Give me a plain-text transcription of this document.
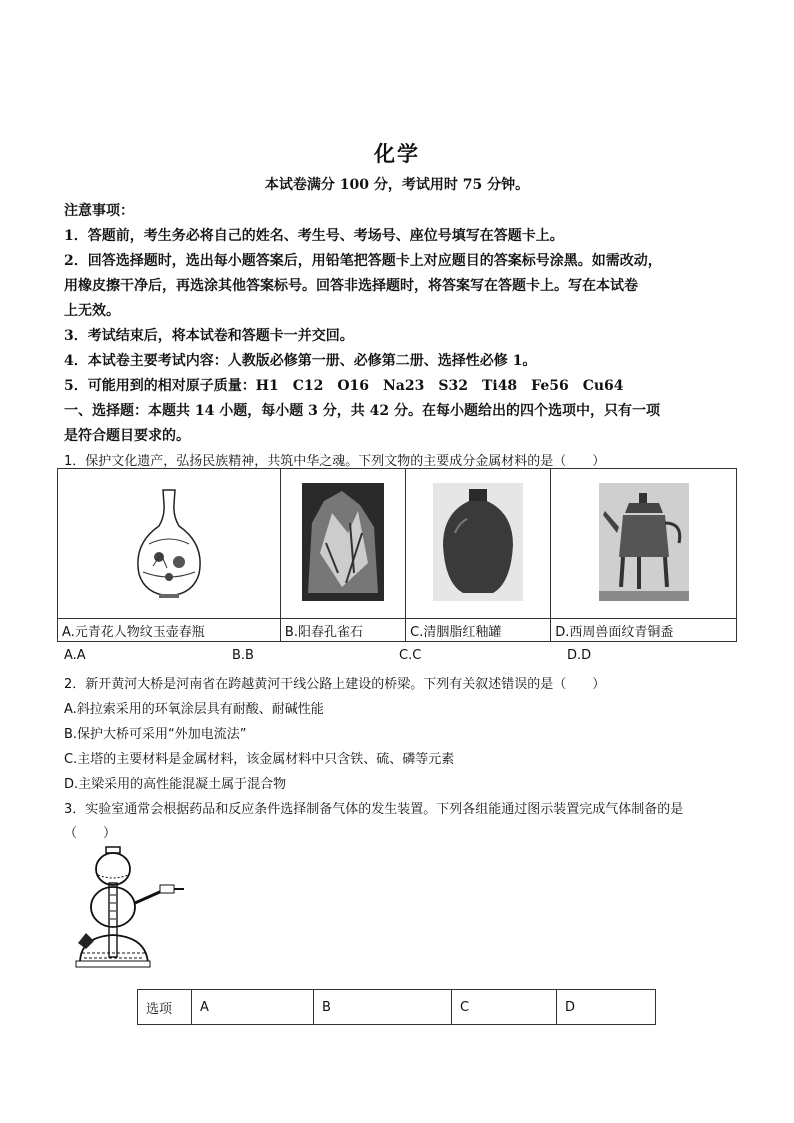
化学
本试卷满分 100 分，考试用时 75 分钟。
注意事项：
1．答题前，考生务必将自己的姓名、考生号、考场号、座位号填写在答题卡上。
2．回答选择题时，选出每小题答案后，用铅笔把答题卡上对应题目的答案标号涂黑。如需改动，
用橡皮擦干净后，再选涂其他答案标号。回答非选择题时，将答案写在答题卡上。写在本试卷
上无效。
3．考试结束后，将本试卷和答题卡一并交回。
4．本试卷主要考试内容：人教版必修第一册、必修第二册、选择性必修 1。
5．可能用到的相对原子质量：H1　C12　O16　Na23　S32　Ti48　Fe56　Cu64
一、选择题：本题共 14 小题，每小题 3 分，共 42 分。在每小题给出的四个选项中，只有一项
是符合题目要求的。
1．保护文化遗产，弘扬民族精神，共筑中华之魂。下列文物的主要成分金属材料的是（　　）

A.元青花人物纹玉壶春瓶	B.阳春孔雀石	C.清胭脂红釉罐	D.西周兽面纹青铜盉
A.A	B.B	C.C	D.D
2．新开黄河大桥是河南省在跨越黄河干线公路上建设的桥梁。下列有关叙述错误的是（　　）
A.斜拉索采用的环氧涂层具有耐酸、耐碱性能
B.保护大桥可采用“外加电流法”
C.主塔的主要材料是金属材料，该金属材料中只含铁、硫、磷等元素
D.主梁采用的高性能混凝土属于混合物
3．实验室通常会根据药品和反应条件选择制备气体的发生装置。下列各组能通过图示装置完成气体制备的是
（　　）
选项	A	B	C	D
